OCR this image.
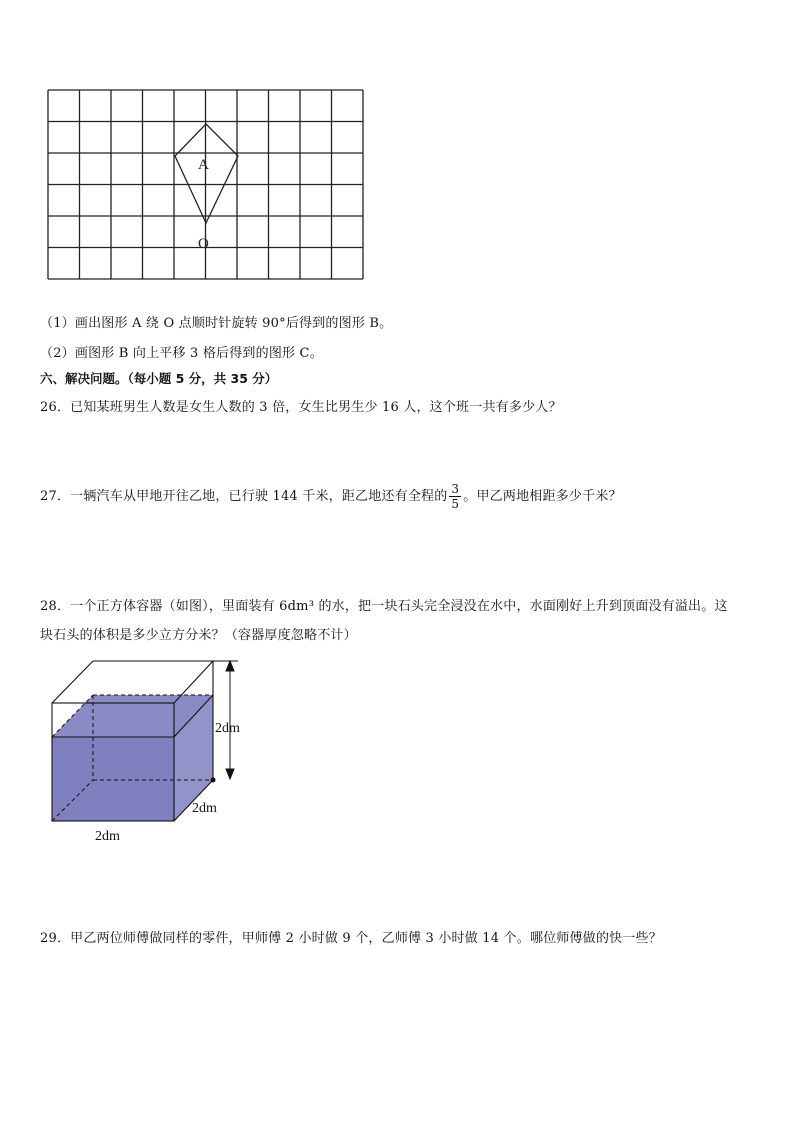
A
O
（1）画出图形 A 绕 O 点顺时针旋转 90°后得到的图形 B。
（2）画图形 B 向上平移 3 格后得到的图形 C。
六、解决问题。（每小题 5 分，共 35 分）
26．已知某班男生人数是女生人数的 3 倍，女生比男生少 16 人，这个班一共有多少人？
27．一辆汽车从甲地开往乙地，已行驶 144 千米，距乙地还有全程的 $\frac{3}{5}$ 。甲乙两地相距多少千米？
28．一个正方体容器（如图），里面装有 6dm³ 的水，把一块石头完全浸没在水中，水面刚好上升到顶面没有溢出。这
块石头的体积是多少立方分米？（容器厚度忽略不计）
2dm
2dm
2dm
29．甲乙两位师傅做同样的零件，甲师傅 2 小时做 9 个，乙师傅 3 小时做 14 个。哪位师傅做的快一些？
